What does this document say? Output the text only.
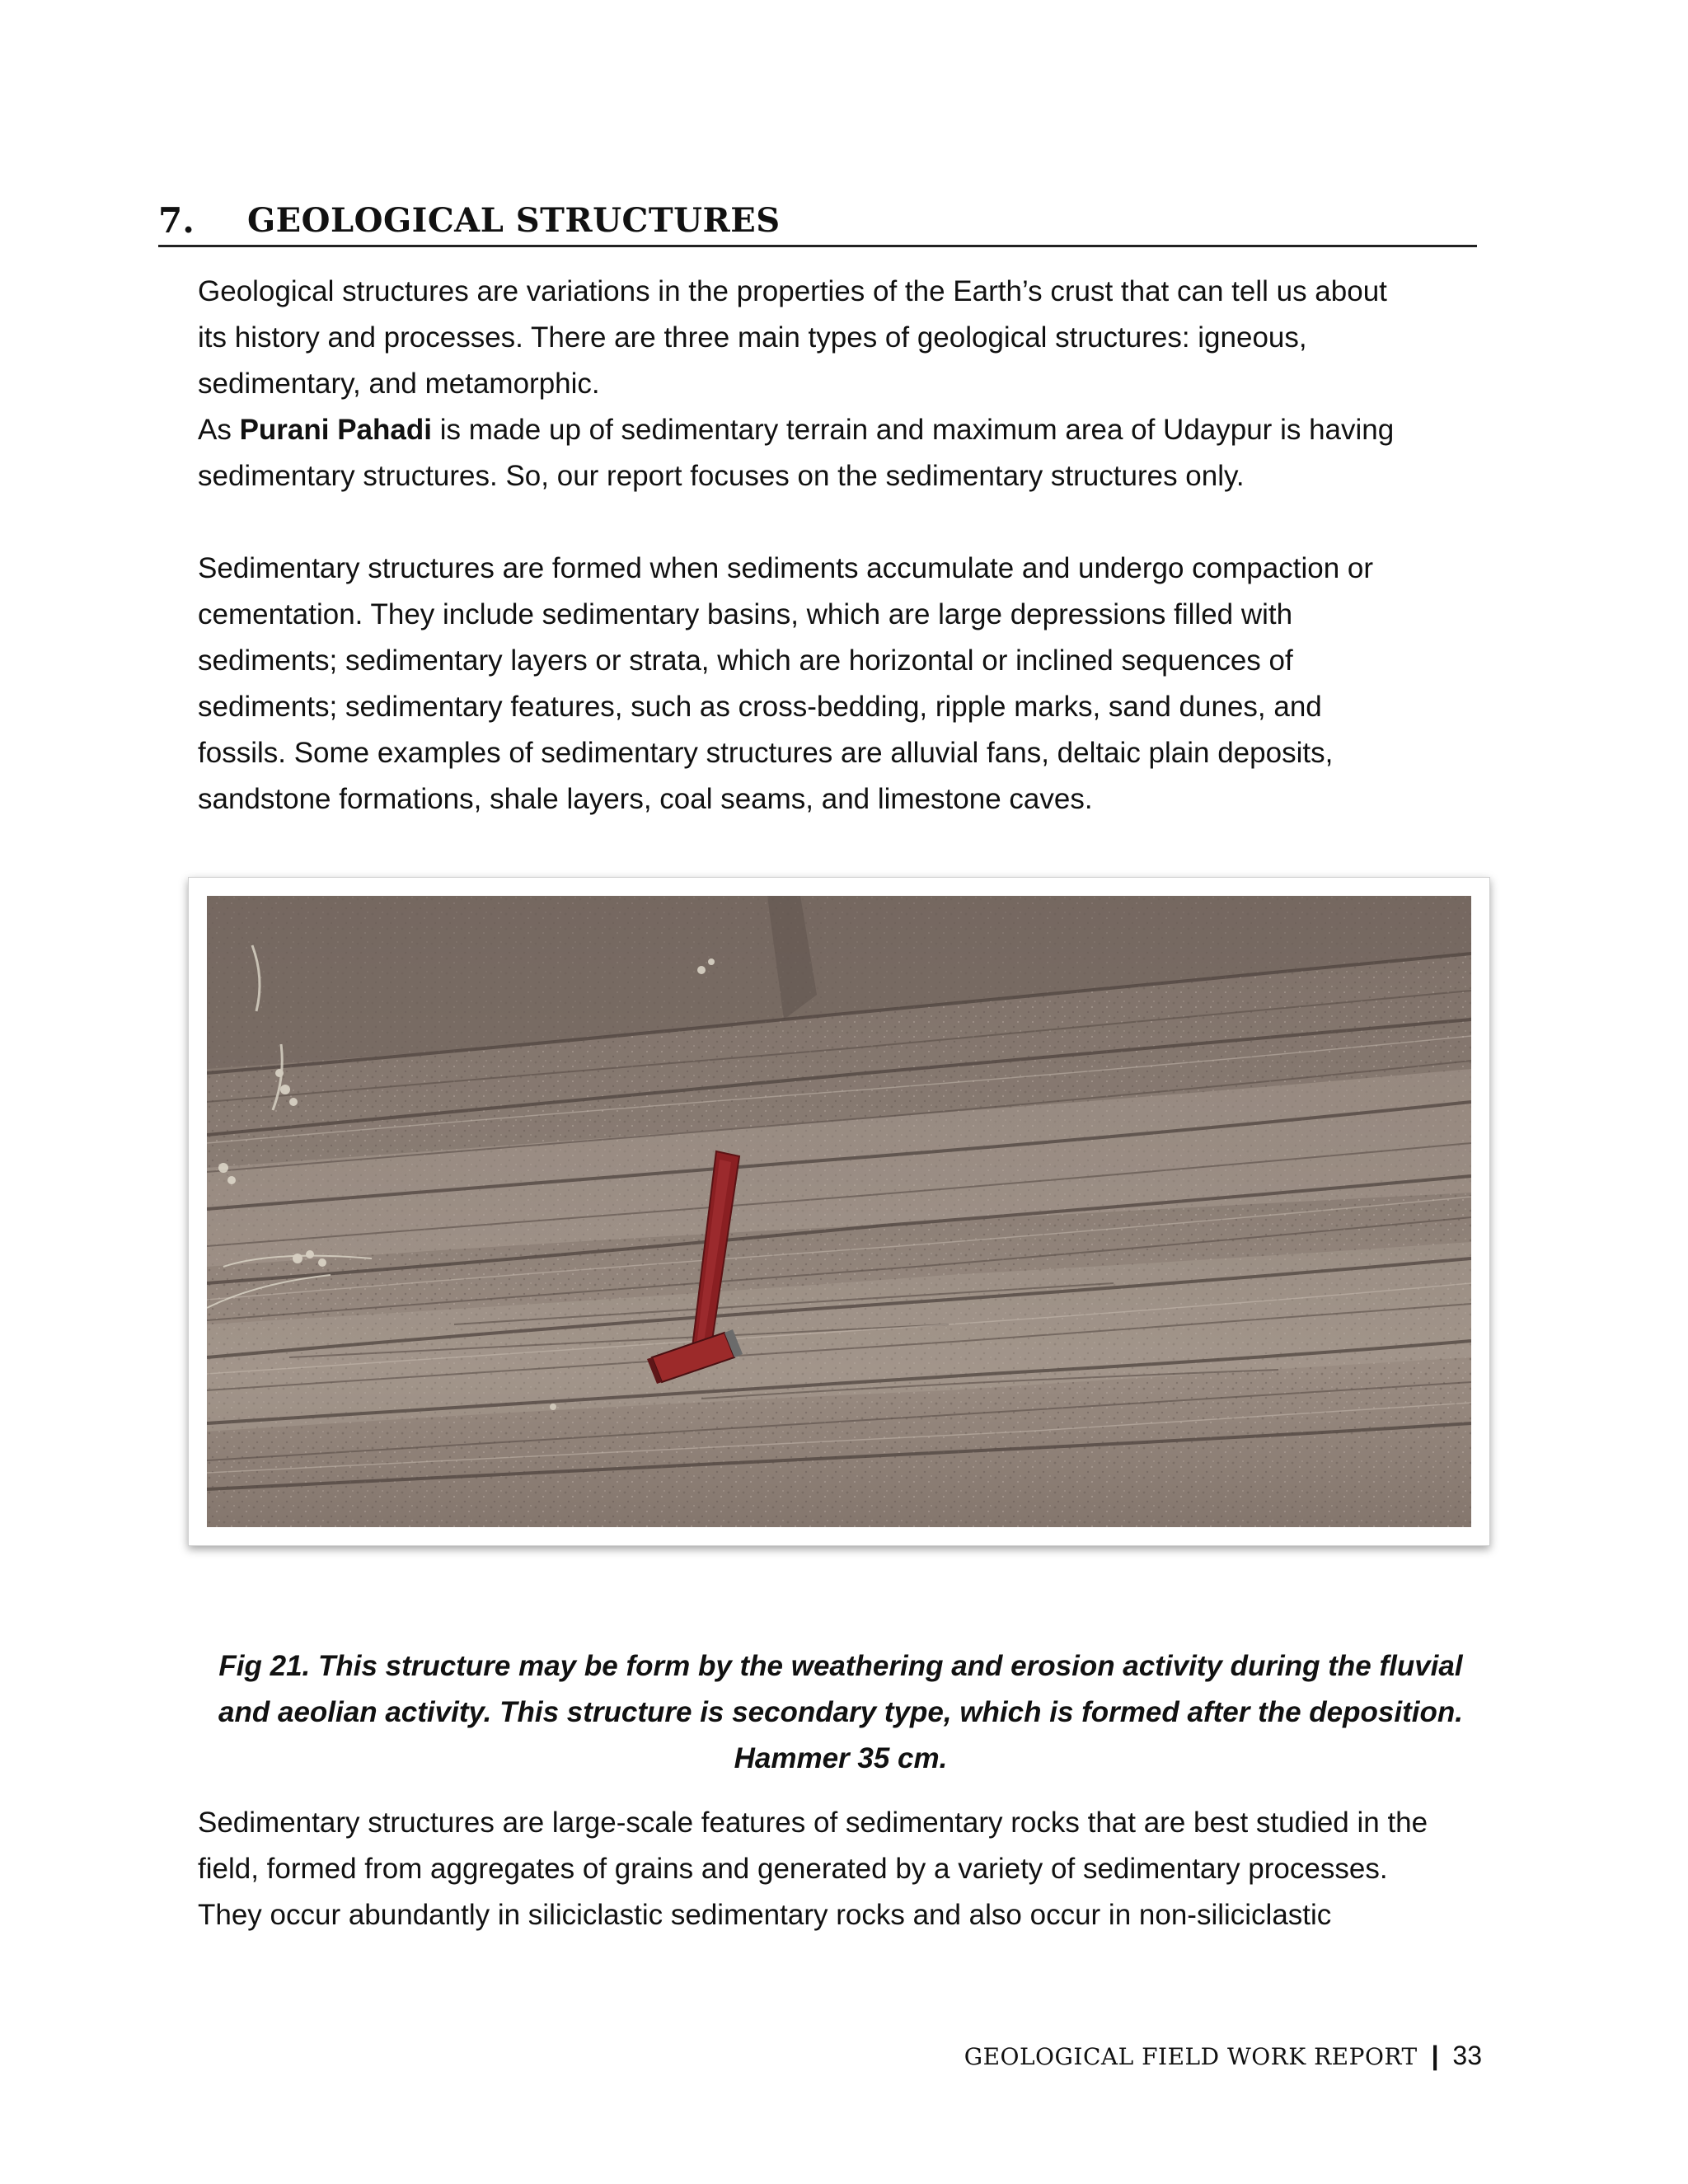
7. GEOLOGICAL STRUCTURES
Geological structures are variations in the properties of the Earth’s crust that can tell us about
its history and processes. There are three main types of geological structures: igneous,
sedimentary, and metamorphic.
As Purani Pahadi is made up of sedimentary terrain and maximum area of Udaypur is having
sedimentary structures. So, our report focuses on the sedimentary structures only.
Sedimentary structures are formed when sediments accumulate and undergo compaction or
cementation. They include sedimentary basins, which are large depressions filled with
sediments; sedimentary layers or strata, which are horizontal or inclined sequences of
sediments; sedimentary features, such as cross-bedding, ripple marks, sand dunes, and
fossils. Some examples of sedimentary structures are alluvial fans, deltaic plain deposits,
sandstone formations, shale layers, coal seams, and limestone caves.
Fig 21. This structure may be form by the weathering and erosion activity during the fluvial
and aeolian activity. This structure is secondary type, which is formed after the deposition.
Hammer 35 cm.
Sedimentary structures are large-scale features of sedimentary rocks that are best studied in the
field, formed from aggregates of grains and generated by a variety of sedimentary processes.
They occur abundantly in siliciclastic sedimentary rocks and also occur in non-siliciclastic
GEOLOGICAL FIELD WORK REPORT | 33
